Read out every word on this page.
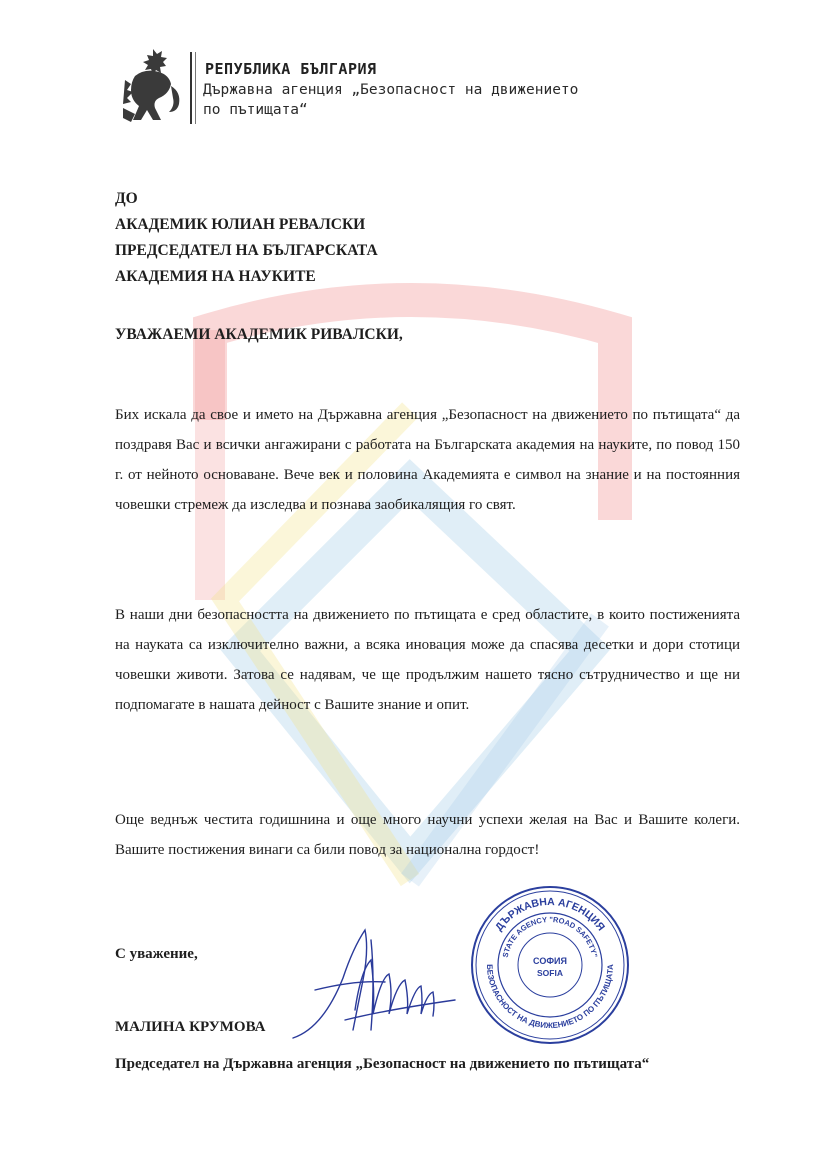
РЕПУБЛИКА БЪЛГАРИЯ
Държавна агенция „Безопасност на движението по пътищата“
ДО
АКАДЕМИК ЮЛИАН РЕВАЛСКИ
ПРЕДСЕДАТЕЛ НА БЪЛГАРСКАТА
АКАДЕМИЯ НА НАУКИТЕ
УВАЖАЕМИ АКАДЕМИК РИВАЛСКИ,
Бих искала да свое и името на Държавна агенция „Безопасност на движението по пътищата“ да поздравя Вас и всички ангажирани с работата на Българската академия на науките, по повод 150 г. от нейното основаване. Вече век и половина Академията е символ на знание и на постоянния човешки стремеж да изследва и познава заобикалящия го свят.
В наши дни безопасността на движението по пътищата е сред областите, в които постиженията на науката са изключително важни, а всяка иновация може да спасява десетки и дори стотици човешки животи. Затова се надявам, че ще продължим нашето тясно сътрудничество и ще ни подпомагате в нашата дейност с Вашите знание и опит.
Още веднъж честита годишнина и още много научни успехи желая на Вас и Вашите колеги. Вашите постижения винаги са били повод за национална гордост!
С уважение,
ДЪРЖАВНА АГЕНЦИЯ
БЕЗОПАСНОСТ НА ДВИЖЕНИЕТО ПО ПЪТИЩАТА
STATE AGENCY "ROAD SAFETY"
СОФИЯ
SOFIA
МАЛИНА КРУМОВА
Председател на Държавна агенция „Безопасност на движението по пътищата“
